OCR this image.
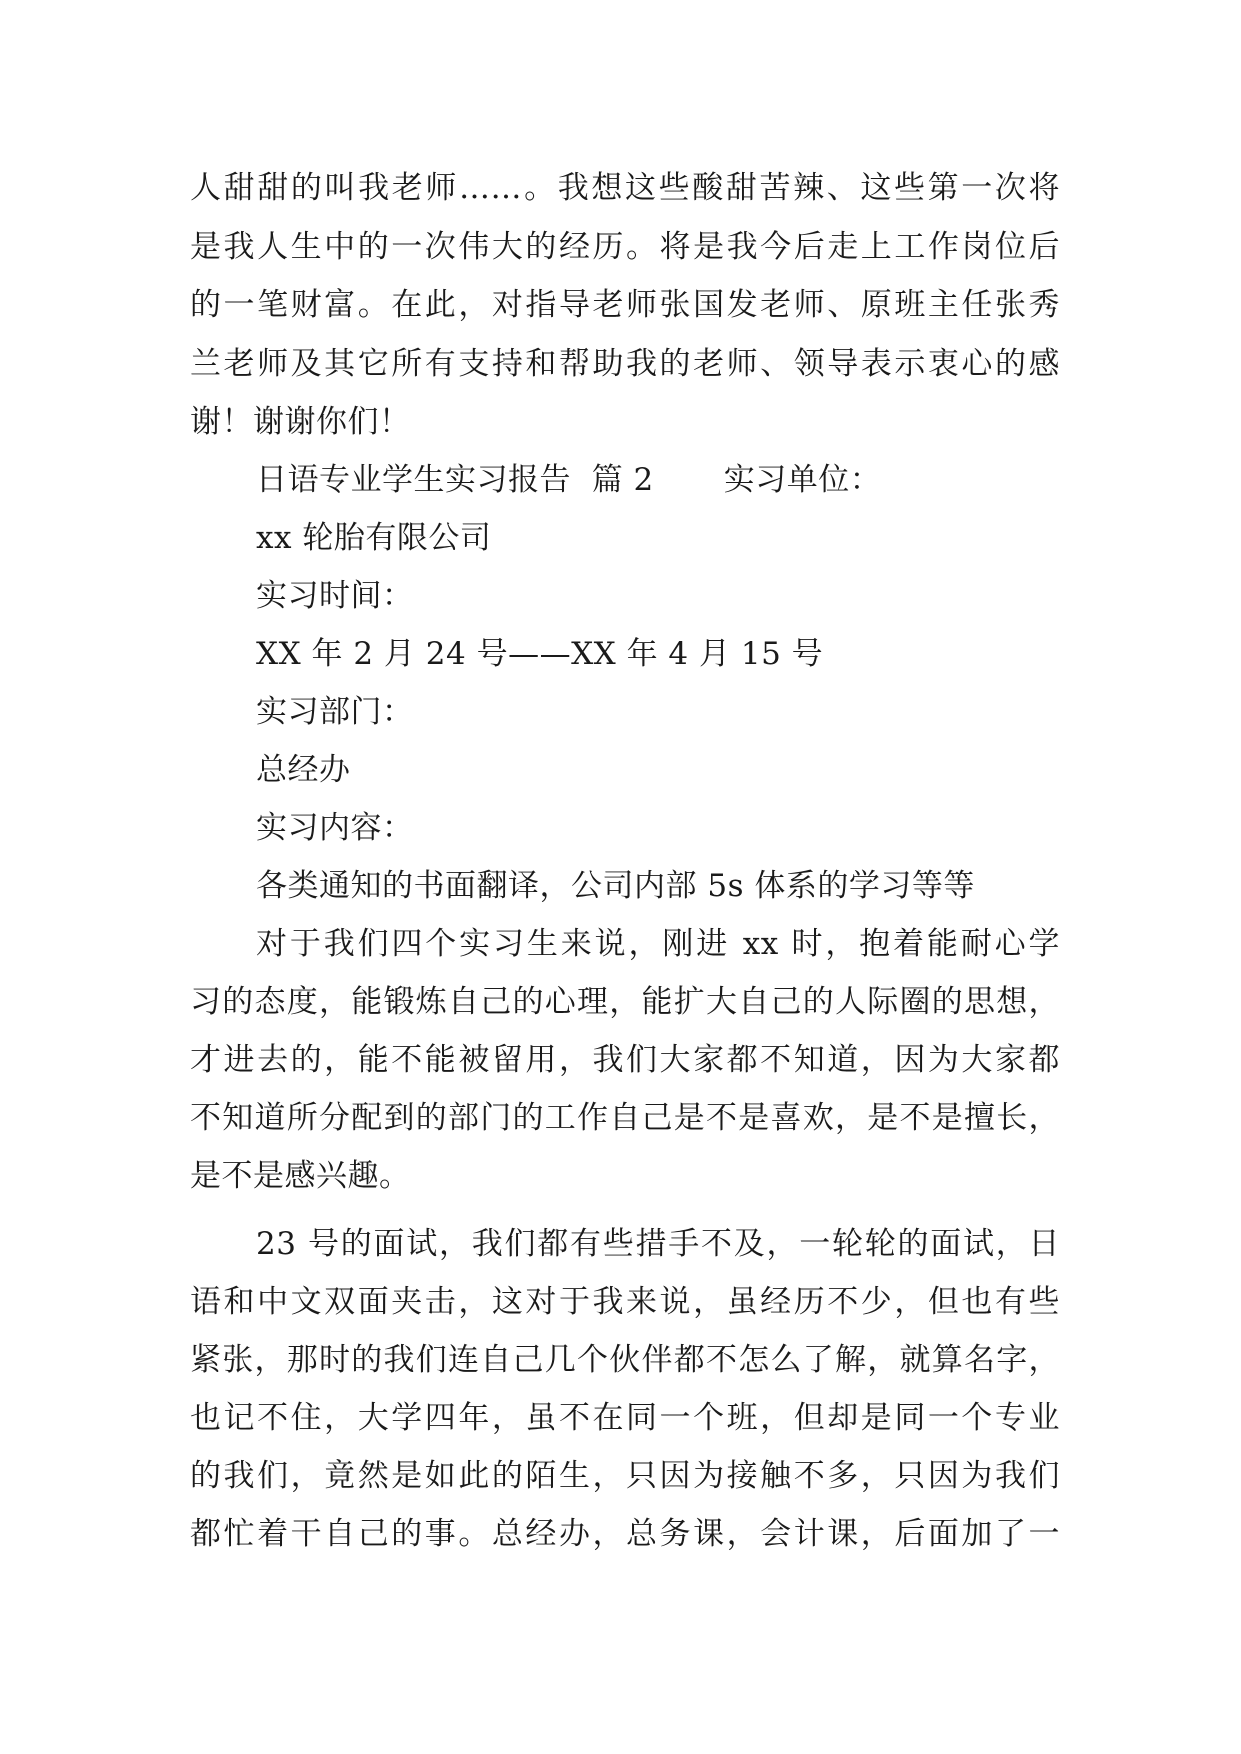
人甜甜的叫我老师……。我想这些酸甜苦辣、这些第一次将
是我人生中的一次伟大的经历。将是我今后走上工作岗位后
的一笔财富。在此，对指导老师张国发老师、原班主任张秀
兰老师及其它所有支持和帮助我的老师、领导表示衷心的感
谢！谢谢你们！
日语专业学生实习报告  篇 2 实习单位：
xx 轮胎有限公司
实习时间：
XX 年 2 月 24 号——XX 年 4 月 15 号
实习部门：
总经办
实习内容：
各类通知的书面翻译，公司内部 5s 体系的学习等等
对于我们四个实习生来说，刚进 xx 时，抱着能耐心学
习的态度，能锻炼自己的心理，能扩大自己的人际圈的思想，
才进去的，能不能被留用，我们大家都不知道，因为大家都
不知道所分配到的部门的工作自己是不是喜欢，是不是擅长，
是不是感兴趣。
23 号的面试，我们都有些措手不及，一轮轮的面试，日
语和中文双面夹击，这对于我来说，虽经历不少，但也有些
紧张，那时的我们连自己几个伙伴都不怎么了解，就算名字，
也记不住，大学四年，虽不在同一个班，但却是同一个专业
的我们，竟然是如此的陌生，只因为接触不多，只因为我们
都忙着干自己的事。总经办，总务课，会计课，后面加了一
